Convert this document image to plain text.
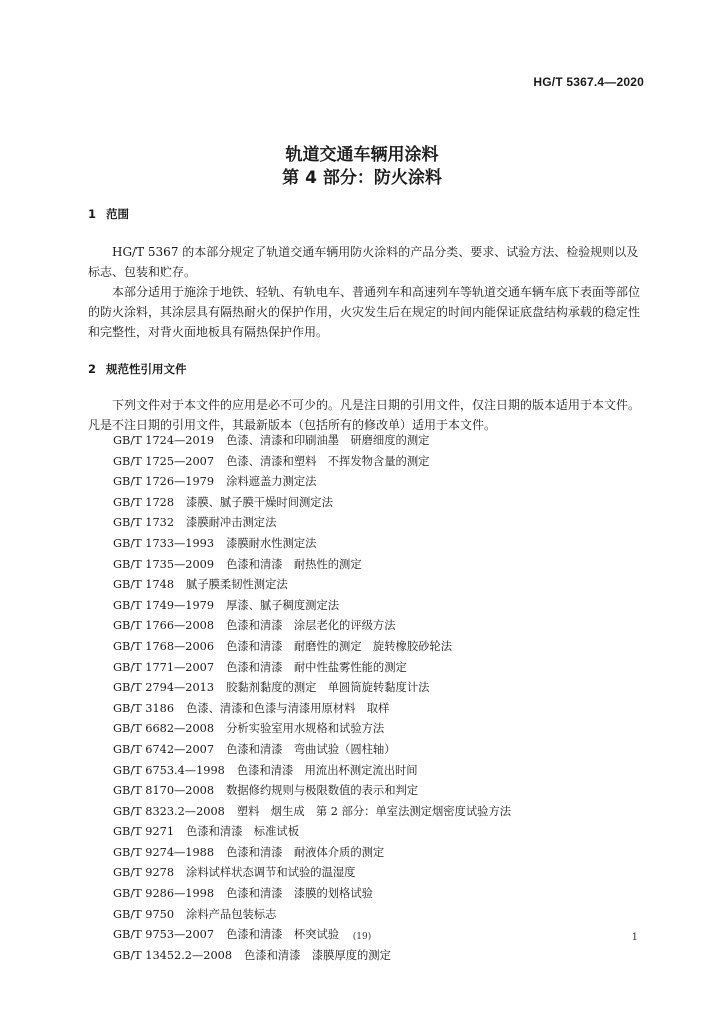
HG/T 5367.4—2020
轨道交通车辆用涂料
第 4 部分：防火涂料
1 范围

HG/T 5367 的本部分规定了轨道交通车辆用防火涂料的产品分类、要求、试验方法、检验规则以及标志、包装和贮存。

本部分适用于施涂于地铁、轻轨、有轨电车、普通列车和高速列车等轨道交通车辆车底下表面等部位的防火涂料，其涂层具有隔热耐火的保护作用，火灾发生后在规定的时间内能保证底盘结构承载的稳定性和完整性，对背火面地板具有隔热保护作用。

2 规范性引用文件

下列文件对于本文件的应用是必不可少的。凡是注日期的引用文件，仅注日期的版本适用于本文件。凡是不注日期的引用文件，其最新版本（包括所有的修改单）适用于本文件。

GB/T 1724—2019 色漆、清漆和印刷油墨　研磨细度的测定
GB/T 1725—2007 色漆、清漆和塑料　不挥发物含量的测定
GB/T 1726—1979 涂料遮盖力测定法
GB/T 1728 漆膜、腻子膜干燥时间测定法
GB/T 1732 漆膜耐冲击测定法
GB/T 1733—1993 漆膜耐水性测定法
GB/T 1735—2009 色漆和清漆　耐热性的测定
GB/T 1748 腻子膜柔韧性测定法
GB/T 1749—1979 厚漆、腻子稠度测定法
GB/T 1766—2008 色漆和清漆　涂层老化的评级方法
GB/T 1768—2006 色漆和清漆　耐磨性的测定　旋转橡胶砂轮法
GB/T 1771—2007 色漆和清漆　耐中性盐雾性能的测定
GB/T 2794—2013 胶黏剂黏度的测定　单圆筒旋转黏度计法
GB/T 3186 色漆、清漆和色漆与清漆用原材料　取样
GB/T 6682—2008 分析实验室用水规格和试验方法
GB/T 6742—2007 色漆和清漆　弯曲试验（圆柱轴）
GB/T 6753.4—1998 色漆和清漆　用流出杯测定流出时间
GB/T 8170—2008 数据修约规则与极限数值的表示和判定
GB/T 8323.2—2008 塑料　烟生成　第 2 部分：单室法测定烟密度试验方法
GB/T 9271 色漆和清漆　标准试板
GB/T 9274—1988 色漆和清漆　耐液体介质的测定
GB/T 9278 涂料试样状态调节和试验的温湿度
GB/T 9286—1998 色漆和清漆　漆膜的划格试验
GB/T 9750 涂料产品包装标志
GB/T 9753—2007 色漆和清漆　杯突试验
GB/T 13452.2—2008 色漆和清漆　漆膜厚度的测定
(19)	1
